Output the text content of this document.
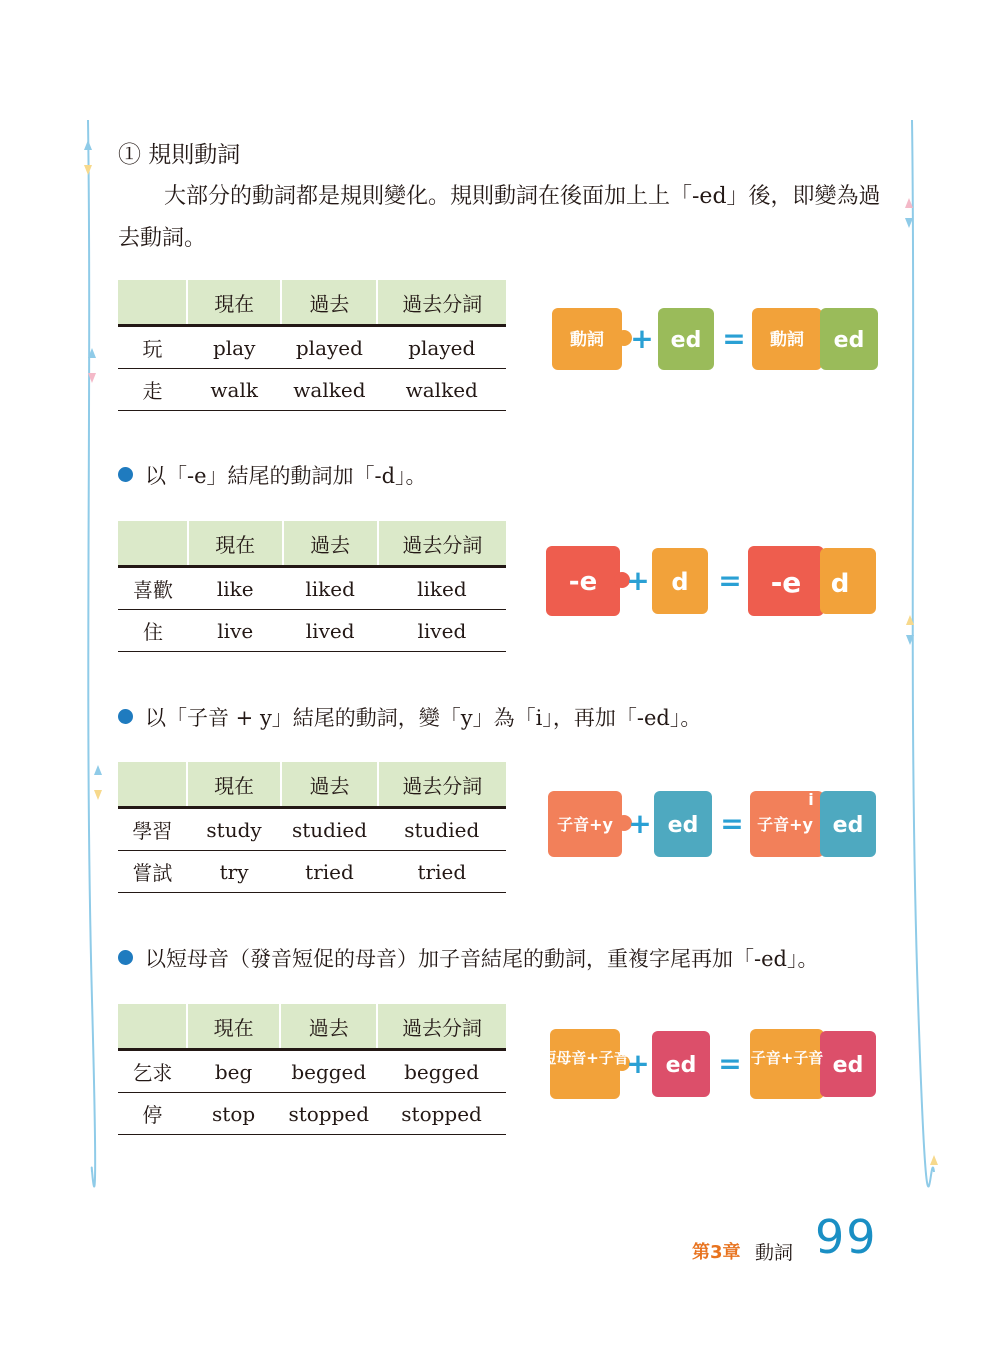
① 規則動詞
大部分的動詞都是規則變化。規則動詞在後面加上上「-ed」後，即變為過去動詞。
	現在	過去	過去分詞
玩	play	played	played
走	walk	walked	walked
以「-e」結尾的動詞加「-d」。
	現在	過去	過去分詞
喜歡	like	liked	liked
住	live	lived	lived
以「子音 + y」結尾的動詞，變「y」為「i」，再加「-ed」。
	現在	過去	過去分詞
學習	study	studied	studied
嘗試	try	tried	tried
以短母音（發音短促的母音）加子音結尾的動詞，重複字尾再加「-ed」。
	現在	過去	過去分詞
乞求	beg	begged	begged
停	stop	stopped	stopped
動詞 + ed = 動詞 ed
-e + d = -e d
子音+y + ed = 子音+y
i
ed
短母音+子音
+ ed = 子音+子音 ed
第3章 動詞 99
